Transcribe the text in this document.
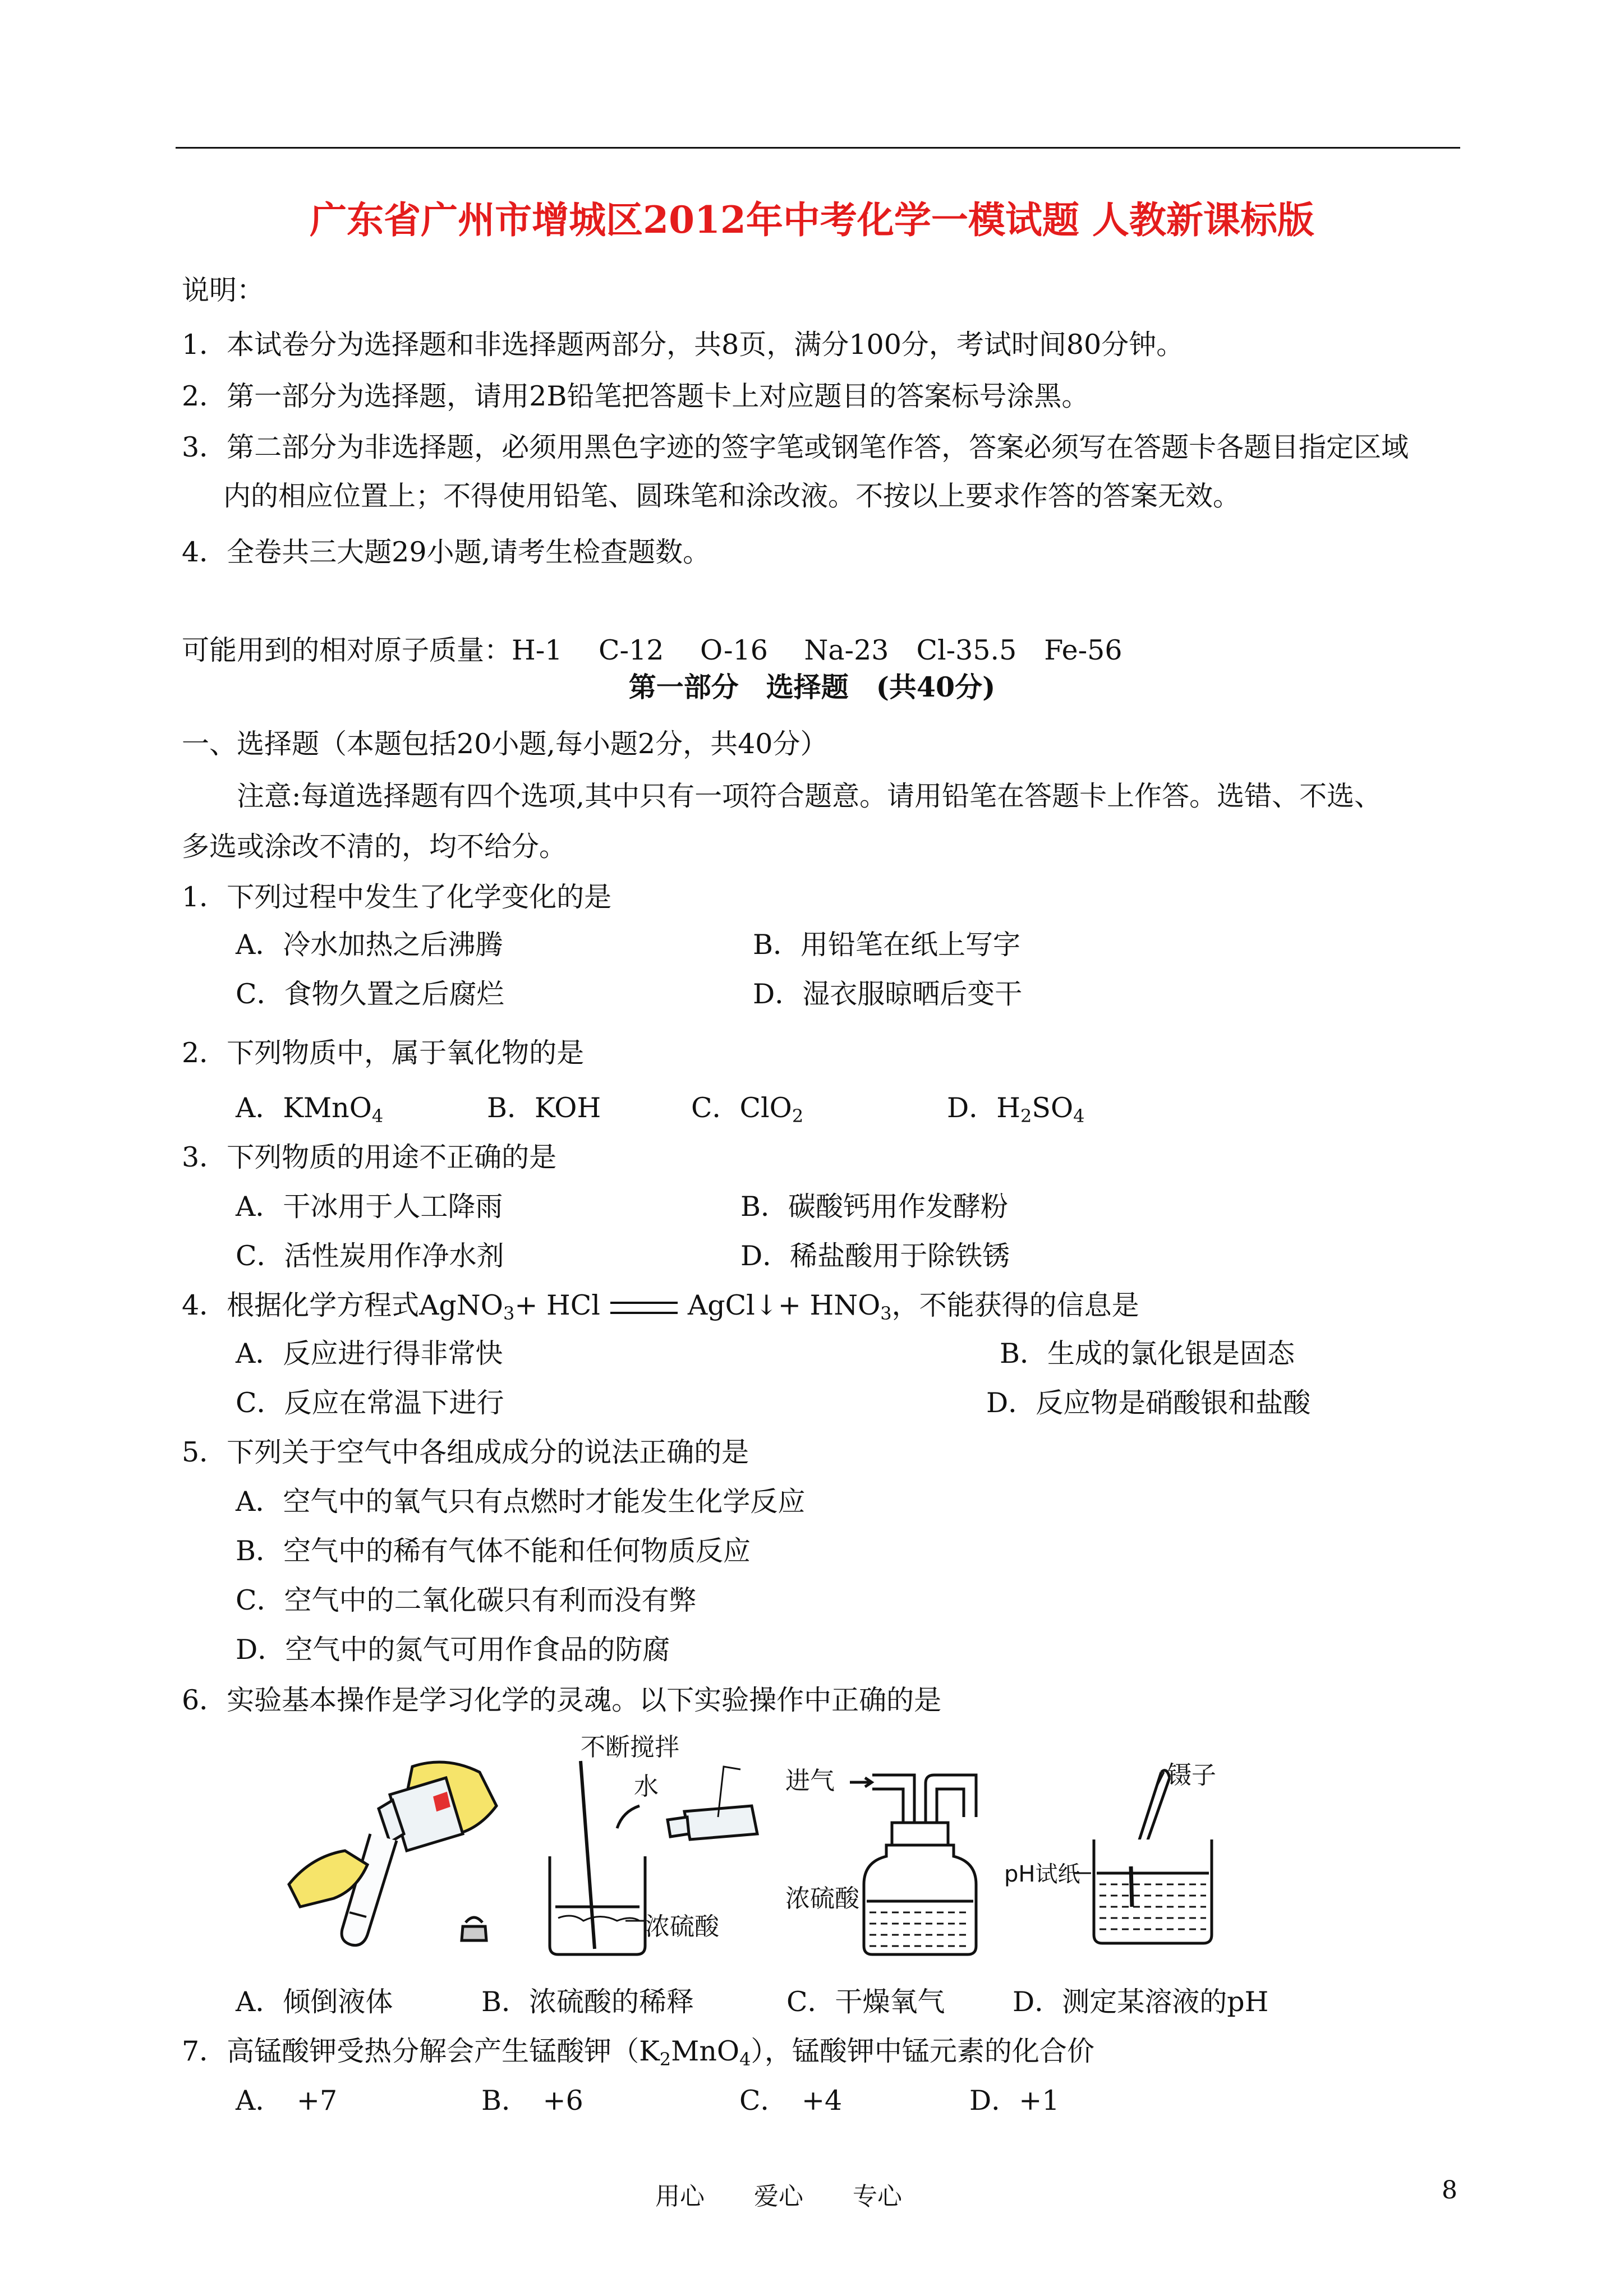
广东省广州市增城区2012年中考化学一模试题 人教新课标版
说明：
1．本试卷分为选择题和非选择题两部分，共8页，满分100分，考试时间80分钟。
2．第一部分为选择题，请用2B铅笔把答题卡上对应题目的答案标号涂黑。
3．第二部分为非选择题，必须用黑色字迹的签字笔或钢笔作答，答案必须写在答题卡各题目指定区域
内的相应位置上；不得使用铅笔、圆珠笔和涂改液。不按以上要求作答的答案无效。
4．全卷共三大题29小题,请考生检查题数。
可能用到的相对原子质量：H-1　 C-12　 O-16　 Na-23　Cl-35.5　Fe-56
第一部分　选择题　(共40分)
一、选择题（本题包括20小题,每小题2分，共40分）
注意:每道选择题有四个选项,其中只有一项符合题意。请用铅笔在答题卡上作答。选错、不选、
多选或涂改不清的，均不给分。
1．下列过程中发生了化学变化的是
A．冷水加热之后沸腾	B．用铅笔在纸上写字
C．食物久置之后腐烂	D．湿衣服晾晒后变干
2．下列物质中，属于氧化物的是
A．KMnO$_4$	B．KOH	C．ClO$_2$	D．$H_2SO_4$
3．下列物质的用途不正确的是
A．干冰用于人工降雨	B．碳酸钙用作发酵粉
C．活性炭用作净水剂	D．稀盐酸用于除铁锈
4．根据化学方程式AgNO$_3$+ HCl	AgCl↓+ $HNO_3$，不能获得的信息是
A．反应进行得非常快	B．生成的氯化银是固态
C．反应在常温下进行	D．反应物是硝酸银和盐酸
5．下列关于空气中各组成成分的说法正确的是
A．空气中的氧气只有点燃时才能发生化学反应
B．空气中的稀有气体不能和任何物质反应
C．空气中的二氧化碳只有利而没有弊
D．空气中的氮气可用作食品的防腐
6．实验基本操作是学习化学的灵魂。以下实验操作中正确的是
不断搅拌
水
浓硫酸
进气
浓硫酸
镊子
pH试纸
A．倾倒液体	B．浓硫酸的稀释	C．干燥氧气 D．测定某溶液的pH
7．高锰酸钾受热分解会产生锰酸钾$(K_2MnO_4)$，锰酸钾中锰元素的化合价
A．　+7	B．　+6	C．　+4	D．+1
用心　　爱心　　专心	8
